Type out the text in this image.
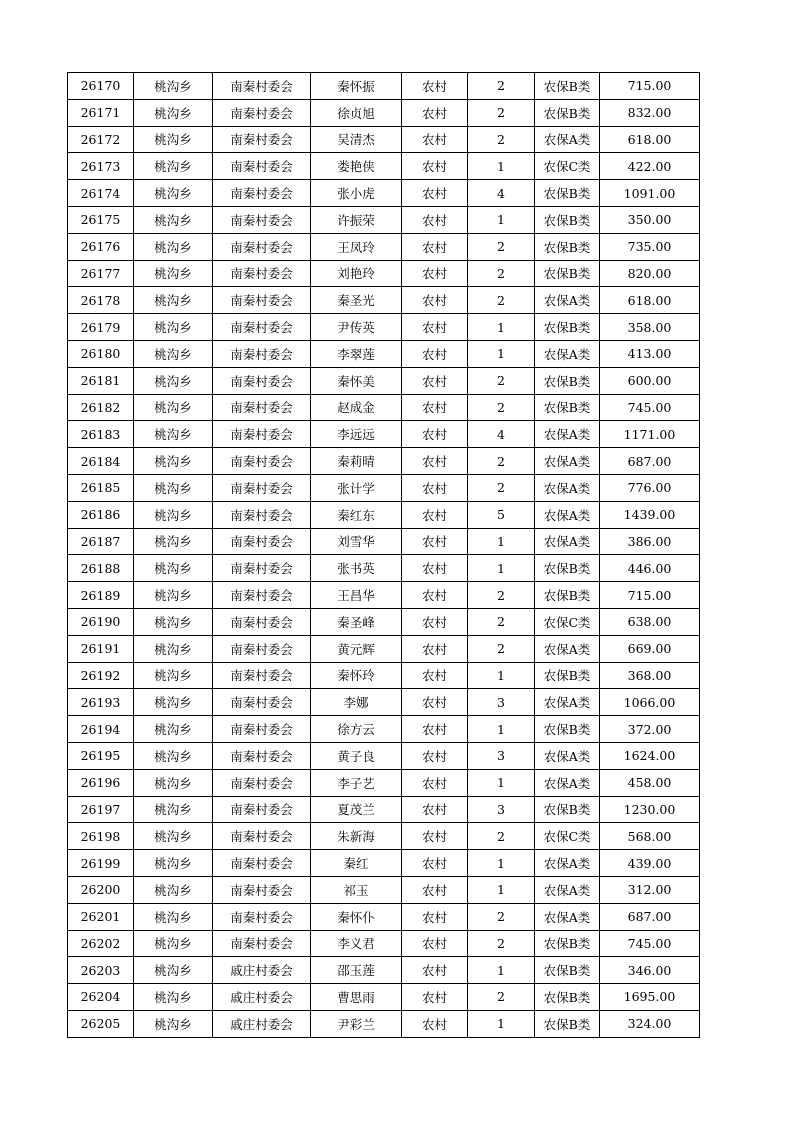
26170	桃沟乡	南秦村委会	秦怀振	农村	2	农保B类	715.00
26171	桃沟乡	南秦村委会	徐贞旭	农村	2	农保B类	832.00
26172	桃沟乡	南秦村委会	吴清杰	农村	2	农保A类	618.00
26173	桃沟乡	南秦村委会	娄艳侠	农村	1	农保C类	422.00
26174	桃沟乡	南秦村委会	张小虎	农村	4	农保B类	1091.00
26175	桃沟乡	南秦村委会	许振荣	农村	1	农保B类	350.00
26176	桃沟乡	南秦村委会	王凤玲	农村	2	农保B类	735.00
26177	桃沟乡	南秦村委会	刘艳玲	农村	2	农保B类	820.00
26178	桃沟乡	南秦村委会	秦圣光	农村	2	农保A类	618.00
26179	桃沟乡	南秦村委会	尹传英	农村	1	农保B类	358.00
26180	桃沟乡	南秦村委会	李翠莲	农村	1	农保A类	413.00
26181	桃沟乡	南秦村委会	秦怀美	农村	2	农保B类	600.00
26182	桃沟乡	南秦村委会	赵成金	农村	2	农保B类	745.00
26183	桃沟乡	南秦村委会	李远远	农村	4	农保A类	1171.00
26184	桃沟乡	南秦村委会	秦莉晴	农村	2	农保A类	687.00
26185	桃沟乡	南秦村委会	张计学	农村	2	农保A类	776.00
26186	桃沟乡	南秦村委会	秦红东	农村	5	农保A类	1439.00
26187	桃沟乡	南秦村委会	刘雪华	农村	1	农保A类	386.00
26188	桃沟乡	南秦村委会	张书英	农村	1	农保B类	446.00
26189	桃沟乡	南秦村委会	王昌华	农村	2	农保B类	715.00
26190	桃沟乡	南秦村委会	秦圣峰	农村	2	农保C类	638.00
26191	桃沟乡	南秦村委会	黄元辉	农村	2	农保A类	669.00
26192	桃沟乡	南秦村委会	秦怀玲	农村	1	农保B类	368.00
26193	桃沟乡	南秦村委会	李娜	农村	3	农保A类	1066.00
26194	桃沟乡	南秦村委会	徐方云	农村	1	农保B类	372.00
26195	桃沟乡	南秦村委会	黄子良	农村	3	农保A类	1624.00
26196	桃沟乡	南秦村委会	李子艺	农村	1	农保A类	458.00
26197	桃沟乡	南秦村委会	夏茂兰	农村	3	农保B类	1230.00
26198	桃沟乡	南秦村委会	朱新海	农村	2	农保C类	568.00
26199	桃沟乡	南秦村委会	秦红	农村	1	农保A类	439.00
26200	桃沟乡	南秦村委会	祁玉	农村	1	农保A类	312.00
26201	桃沟乡	南秦村委会	秦怀仆	农村	2	农保A类	687.00
26202	桃沟乡	南秦村委会	李义君	农村	2	农保B类	745.00
26203	桃沟乡	戚庄村委会	邵玉莲	农村	1	农保B类	346.00
26204	桃沟乡	戚庄村委会	曹思雨	农村	2	农保B类	1695.00
26205	桃沟乡	戚庄村委会	尹彩兰	农村	1	农保B类	324.00
